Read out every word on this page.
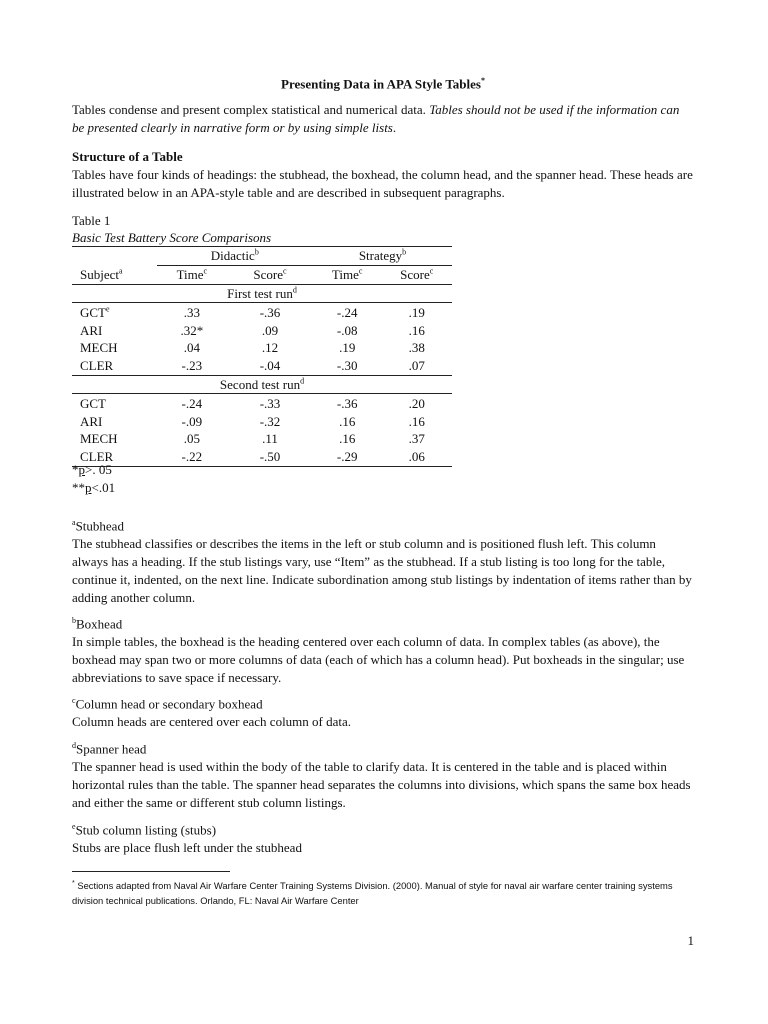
Presenting Data in APA Style Tables*

Tables condense and present complex statistical and numerical data. Tables should not be used if the information can be presented clearly in narrative form or by using simple lists.

Structure of a Table

Tables have four kinds of headings: the stubhead, the boxhead, the column head, and the spanner head. These heads are illustrated below in an APA-style table and are described in subsequent paragraphs.

Table 1
Basic Test Battery Score Comparisons
	Didactic$^b$		Strategy$^b$
Subject$^a$	Time$^c$	Score$^c$	Time$^c$	Score$^c$
First test run$^d$
GCT$^e$	.33	-.36	-.24	.19
ARI	.32*	.09	-.08	.16
MECH	.04	.12	.19	.38
CLER	-.23	-.04	-.30	.07
Second test run$^d$
GCT	-.24	-.33	-.36	.20
ARI	-.09	-.32	.16	.16
MECH	.05	.11	.16	.37
CLER	-.22	-.50	-.29	.06

*p>. 05

**p<.01

$^a$Stubhead

The stubhead classifies or describes the items in the left or stub column and is positioned flush left. This column always has a heading. If the stub listings vary, use “Item” as the stubhead. If a stub listing is too long for the table, continue it, indented, on the next line. Indicate subordination among stub listings by indentation of items rather than by adding another column.

$^b$Boxhead

In simple tables, the boxhead is the heading centered over each column of data. In complex tables (as above), the boxhead may span two or more columns of data (each of which has a column head). Put boxheads in the singular; use abbreviations to save space if necessary.

$^c$Column head or secondary boxhead

Column heads are centered over each column of data.

$^d$Spanner head

The spanner head is used within the body of the table to clarify data. It is centered in the table and is placed within horizontal rules than the table. The spanner head separates the columns into divisions, which spans the same box heads and either the same or different stub column listings.

$^e$Stub column listing (stubs)

Stubs are place flush left under the stubhead

* Sections adapted from Naval Air Warfare Center Training Systems Division. (2000). Manual of style for naval air warfare center training systems division technical publications. Orlando, FL: Naval Air Warfare Center
1
